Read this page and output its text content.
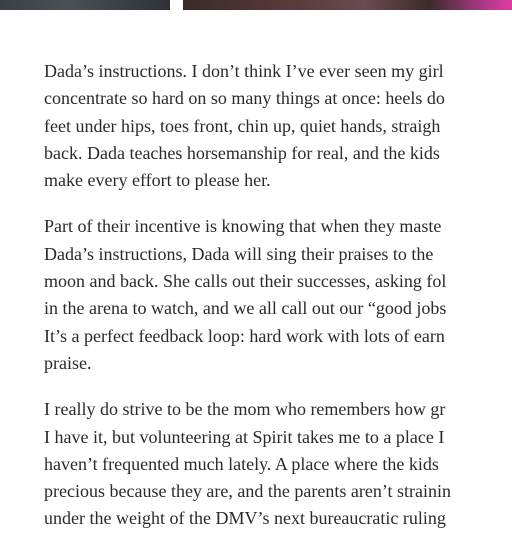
Dada’s instructions. I don’t think I’ve ever seen my girl
concentrate so hard on so many things at once: heels do
feet under hips, toes front, chin up, quiet hands, straigh
back. Dada teaches horsemanship for real, and the kids
make every effort to please her.

Part of their incentive is knowing that when they maste
Dada’s instructions, Dada will sing their praises to the
moon and back. She calls out their successes, asking fol
in the arena to watch, and we all call out our “good jobs
It’s a perfect feedback loop: hard work with lots of earn
praise.

I really do strive to be the mom who remembers how gr
I have it, but volunteering at Spirit takes me to a place I
haven’t frequented much lately. A place where the kids
precious because they are, and the parents aren’t strainin
under the weight of the DMV’s next bureaucratic ruling
